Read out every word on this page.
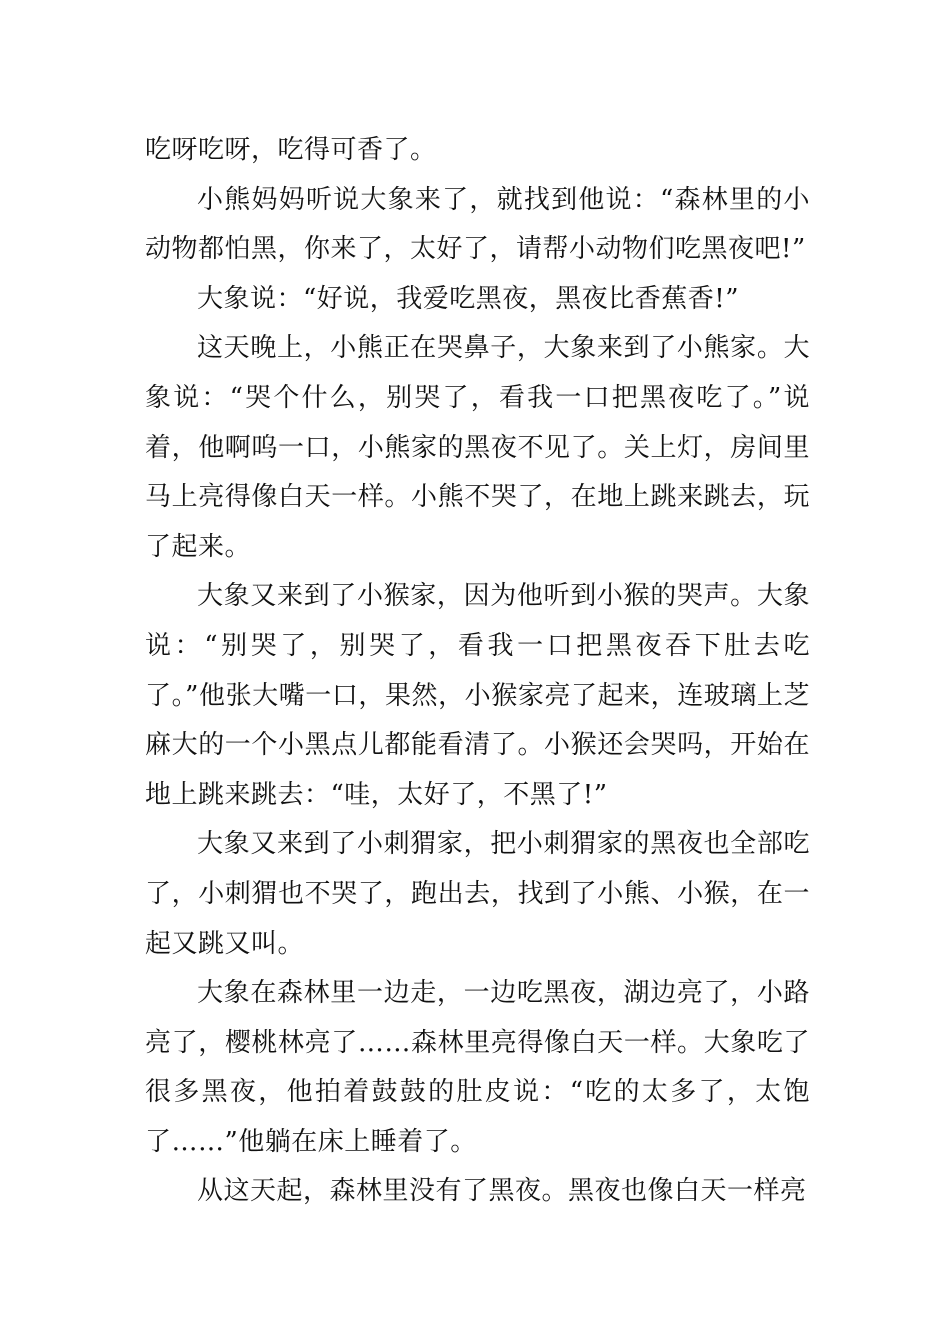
吃呀吃呀，吃得可香了。

小熊妈妈听说大象来了，就找到他说：“森林里的小动物都怕黑，你来了，太好了，请帮小动物们吃黑夜吧!”

大象说：“好说，我爱吃黑夜，黑夜比香蕉香!”

这天晚上，小熊正在哭鼻子，大象来到了小熊家。大象说：“哭个什么，别哭了，看我一口把黑夜吃了。”说着，他啊呜一口，小熊家的黑夜不见了。关上灯，房间里马上亮得像白天一样。小熊不哭了，在地上跳来跳去，玩了起来。

大象又来到了小猴家，因为他听到小猴的哭声。大象说：“别哭了，别哭了，看我一口把黑夜吞下肚去吃了。”他张大嘴一口，果然，小猴家亮了起来，连玻璃上芝麻大的一个小黑点儿都能看清了。小猴还会哭吗，开始在地上跳来跳去：“哇，太好了，不黑了!”

大象又来到了小刺猬家，把小刺猬家的黑夜也全部吃了，小刺猬也不哭了，跑出去，找到了小熊、小猴，在一起又跳又叫。

大象在森林里一边走，一边吃黑夜，湖边亮了，小路亮了，樱桃林亮了……森林里亮得像白天一样。大象吃了很多黑夜，他拍着鼓鼓的肚皮说：“吃的太多了，太饱了……”他躺在床上睡着了。

从这天起，森林里没有了黑夜。黑夜也像白天一样亮
